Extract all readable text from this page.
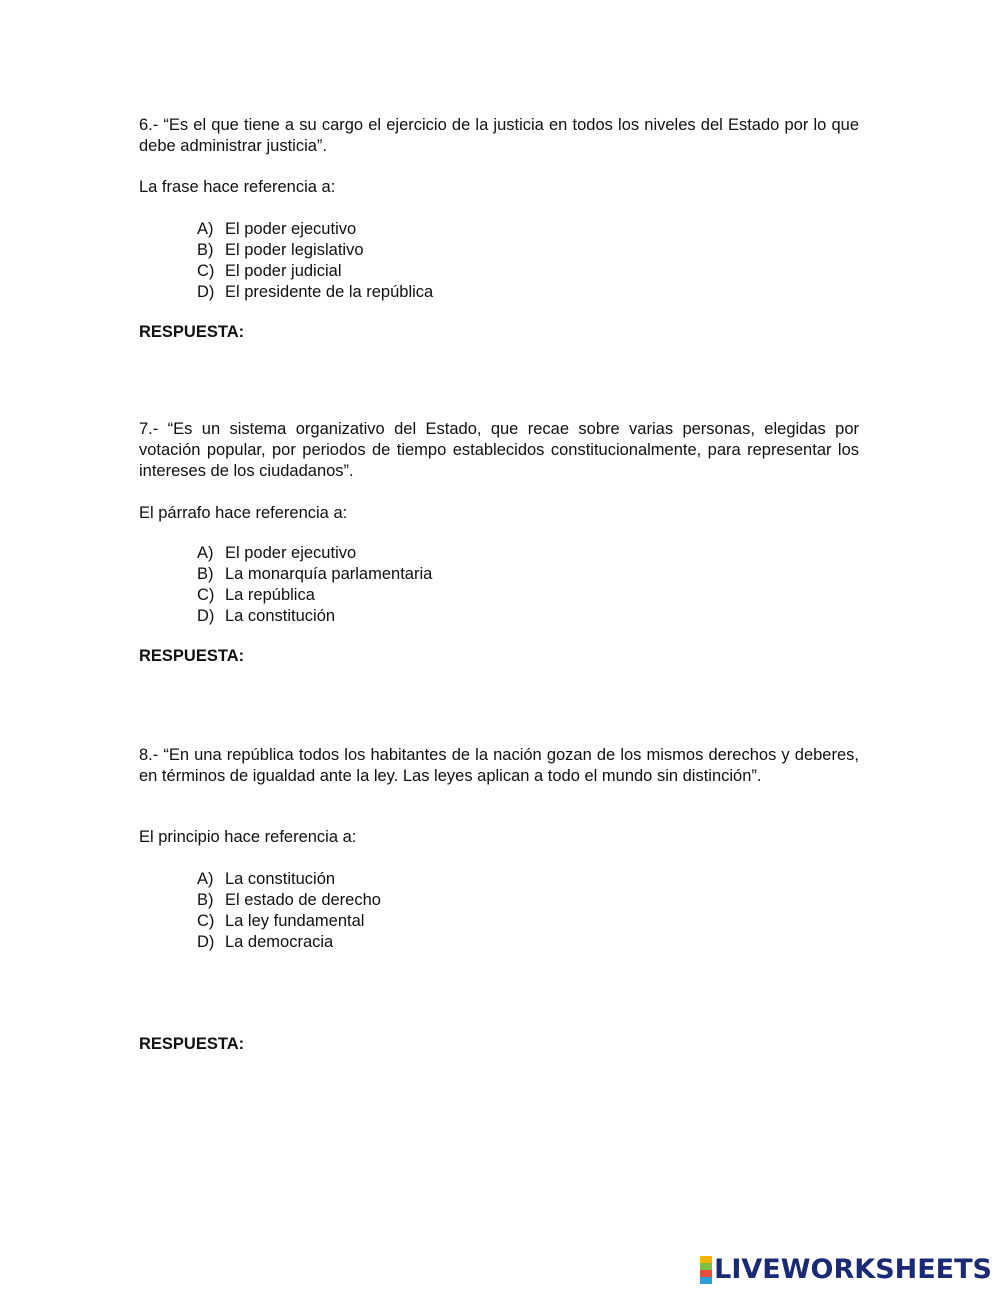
6.- “Es el que tiene a su cargo el ejercicio de la justicia en todos los niveles del Estado por lo que debe administrar justicia”.

La frase hace referencia a:

A) El poder ejecutivo
B) El poder legislativo
C) El poder judicial
D) El presidente de la república

RESPUESTA:

7.- “Es un sistema organizativo del Estado, que recae sobre varias personas, elegidas por votación popular, por periodos de tiempo establecidos constitucionalmente, para representar los intereses de los ciudadanos”.

El párrafo hace referencia a:

A) El poder ejecutivo
B) La monarquía parlamentaria
C) La república
D) La constitución

RESPUESTA:

8.- “En una república todos los habitantes de la nación gozan de los mismos derechos y deberes, en términos de igualdad ante la ley. Las leyes aplican a todo el mundo sin distinción”.

El principio hace referencia a:

A) La constitución
B) El estado de derecho
C) La ley fundamental
D) La democracia

RESPUESTA:

LIVEWORKSHEETS
